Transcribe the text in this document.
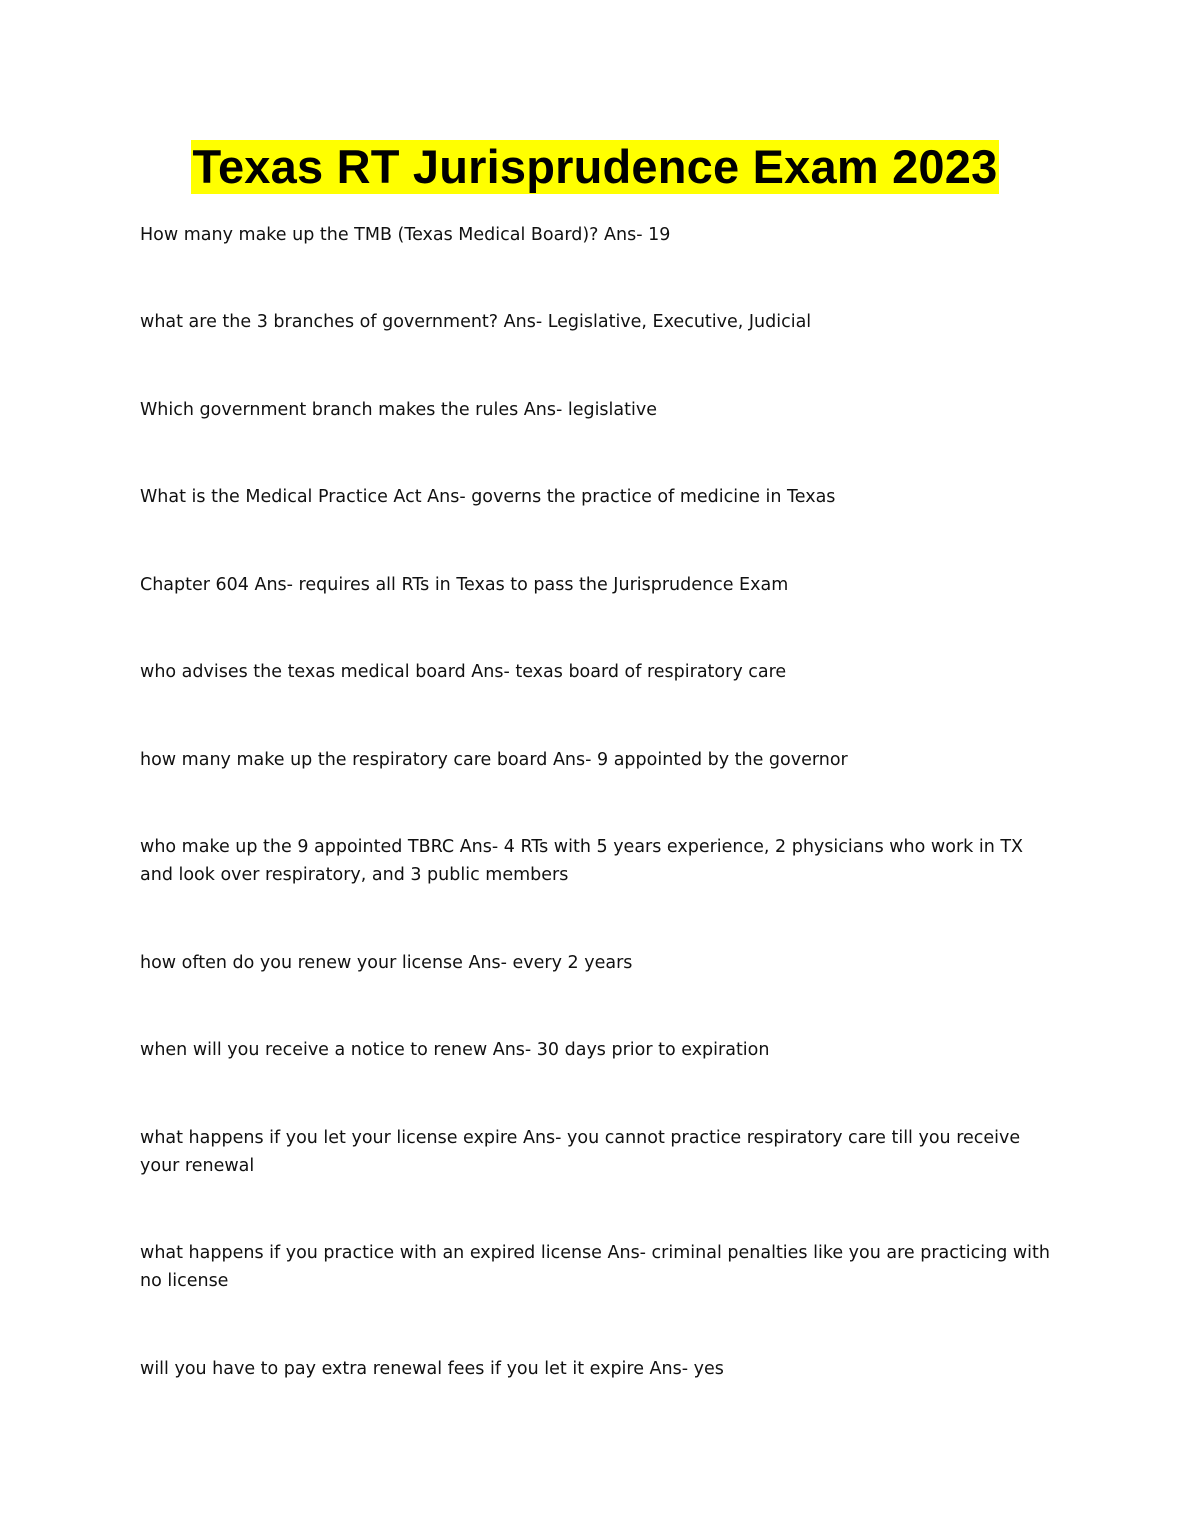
Texas RT Jurisprudence Exam 2023

How many make up the TMB (Texas Medical Board)? Ans- 19

what are the 3 branches of government? Ans- Legislative, Executive, Judicial

Which government branch makes the rules Ans- legislative

What is the Medical Practice Act Ans- governs the practice of medicine in Texas

Chapter 604 Ans- requires all RTs in Texas to pass the Jurisprudence Exam

who advises the texas medical board Ans- texas board of respiratory care

how many make up the respiratory care board Ans- 9 appointed by the governor

who make up the 9 appointed TBRC Ans- 4 RTs with 5 years experience, 2 physicians who work in TX and look over respiratory, and 3 public members

how often do you renew your license Ans- every 2 years

when will you receive a notice to renew Ans- 30 days prior to expiration

what happens if you let your license expire Ans- you cannot practice respiratory care till you receive your renewal

what happens if you practice with an expired license Ans- criminal penalties like you are practicing with no license

will you have to pay extra renewal fees if you let it expire Ans- yes
